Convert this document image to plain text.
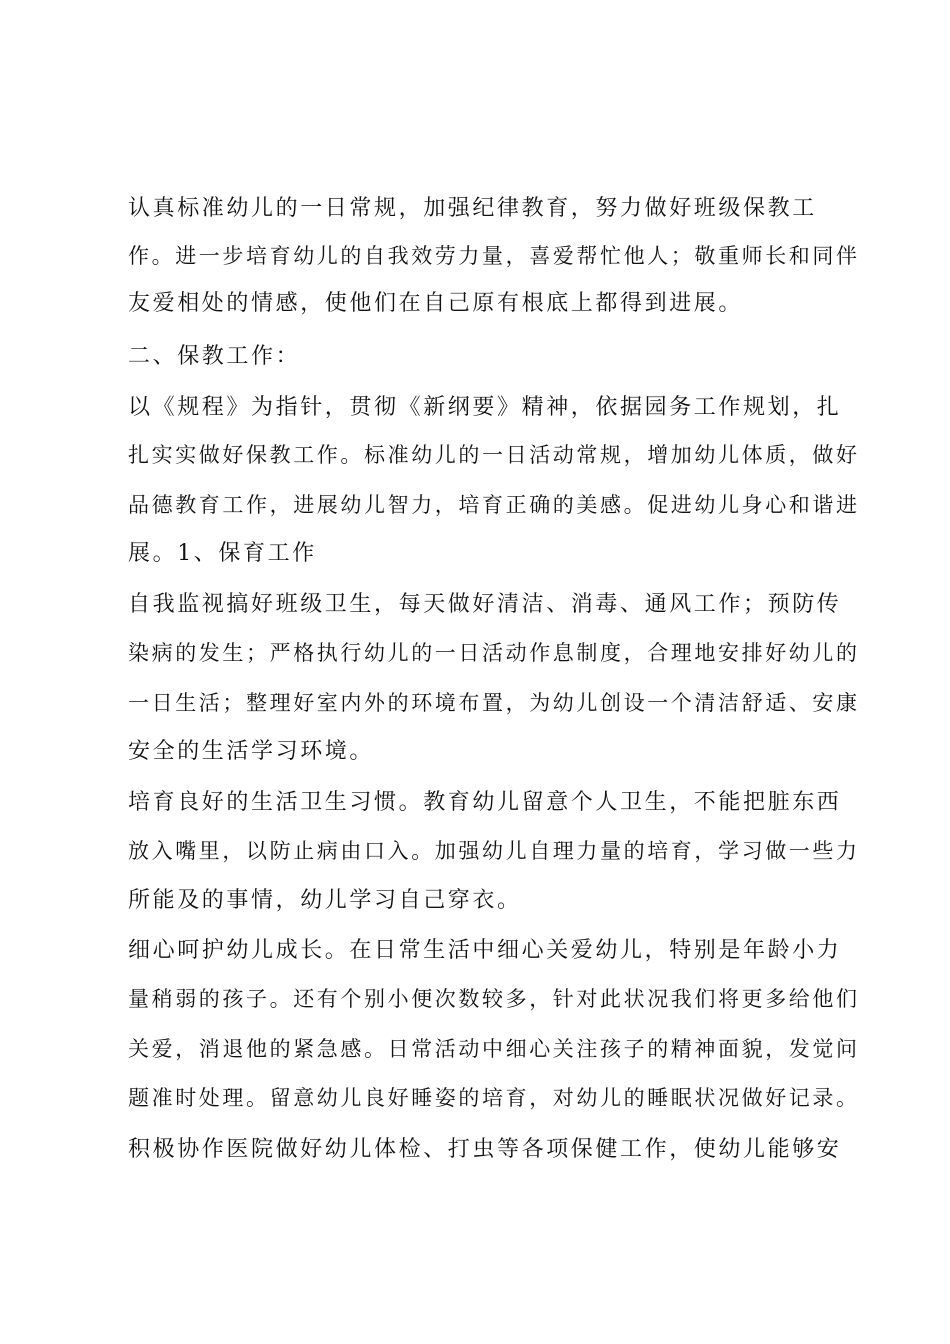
认真标准幼儿的一日常规，加强纪律教育，努力做好班级保教工
作。进一步培育幼儿的自我效劳力量，喜爱帮忙他人；敬重师长和同伴
友爱相处的情感，使他们在自己原有根底上都得到进展。
二、保教工作：
以《规程》为指针，贯彻《新纲要》精神，依据园务工作规划，扎
扎实实做好保教工作。标准幼儿的一日活动常规，增加幼儿体质，做好
品德教育工作，进展幼儿智力，培育正确的美感。促进幼儿身心和谐进
展。1、保育工作
自我监视搞好班级卫生，每天做好清洁、消毒、通风工作；预防传
染病的发生；严格执行幼儿的一日活动作息制度，合理地安排好幼儿的
一日生活；整理好室内外的环境布置，为幼儿创设一个清洁舒适、安康
安全的生活学习环境。
培育良好的生活卫生习惯。教育幼儿留意个人卫生，不能把脏东西
放入嘴里，以防止病由口入。加强幼儿自理力量的培育，学习做一些力
所能及的事情，幼儿学习自己穿衣。
细心呵护幼儿成长。在日常生活中细心关爱幼儿，特别是年龄小力
量稍弱的孩子。还有个别小便次数较多，针对此状况我们将更多给他们
关爱，消退他的紧急感。日常活动中细心关注孩子的精神面貌，发觉问
题准时处理。留意幼儿良好睡姿的培育，对幼儿的睡眠状况做好记录。
积极协作医院做好幼儿体检、打虫等各项保健工作，使幼儿能够安
